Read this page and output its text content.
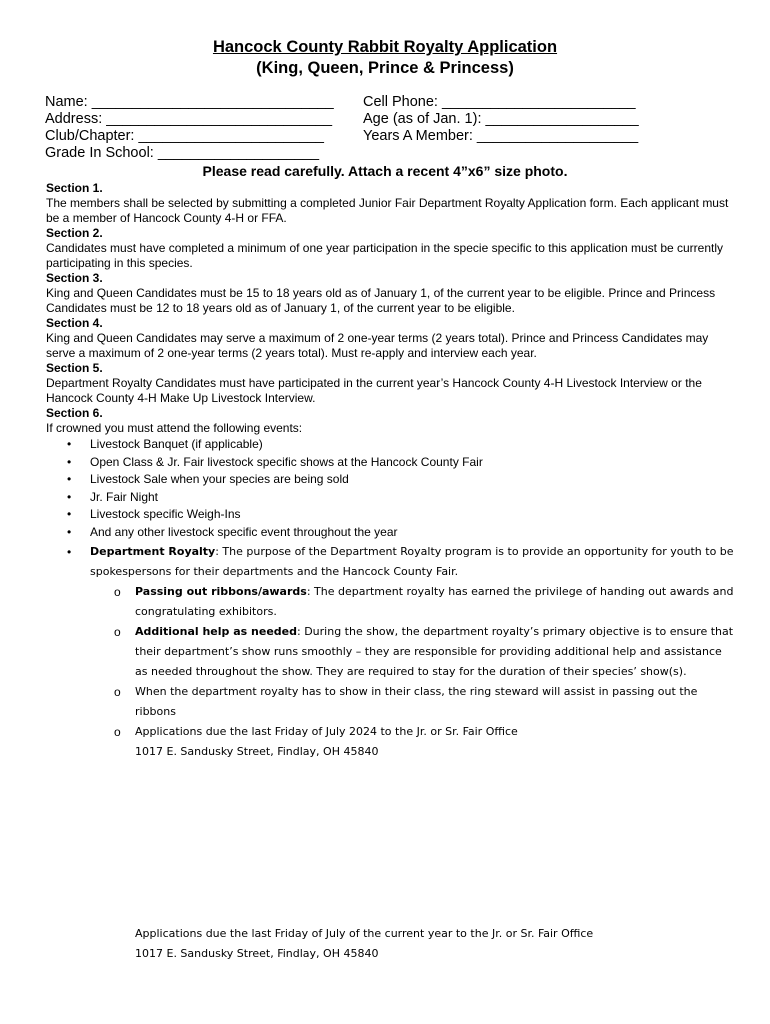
Hancock County Rabbit Royalty Application
(King, Queen, Prince & Princess)
Name: ______________________________
Address: ____________________________
Club/Chapter: _______________________
Grade In School: ____________________
Cell Phone: ________________________
Age (as of Jan. 1): ___________________
Years A Member: ____________________
Please read carefully. Attach a recent 4”x6” size photo.

Section 1.

The members shall be selected by submitting a completed Junior Fair Department Royalty Application form. Each applicant must be a member of Hancock County 4-H or FFA.

Section 2.

Candidates must have completed a minimum of one year participation in the specie specific to this application must be currently participating in this species.

Section 3.

King and Queen Candidates must be 15 to 18 years old as of January 1, of the current year to be eligible. Prince and Princess Candidates must be 12 to 18 years old as of January 1, of the current year to be eligible.

Section 4.

King and Queen Candidates may serve a maximum of 2 one-year terms (2 years total). Prince and Princess Candidates may serve a maximum of 2 one-year terms (2 years total). Must re-apply and interview each year.

Section 5.

Department Royalty Candidates must have participated in the current year’s Hancock County 4-H Livestock Interview or the Hancock County 4-H Make Up Livestock Interview.

Section 6.

If crowned you must attend the following events:

• Livestock Banquet (if applicable)
• Open Class & Jr. Fair livestock specific shows at the Hancock County Fair
• Livestock Sale when your species are being sold
• Jr. Fair Night
• Livestock specific Weigh-Ins
• And any other livestock specific event throughout the year
• Department Royalty: The purpose of the Department Royalty program is to provide an opportunity for youth to be spokespersons for their departments and the Hancock County Fair.
o Passing out ribbons/awards: The department royalty has earned the privilege of handing out awards and congratulating exhibitors.
o Additional help as needed: During the show, the department royalty’s primary objective is to ensure that their department’s show runs smoothly – they are responsible for providing additional help and assistance as needed throughout the show. They are required to stay for the duration of their species’ show(s).
o When the department royalty has to show in their class, the ring steward will assist in passing out the ribbons
o Applications due the last Friday of July 2024 to the Jr. or Sr. Fair Office
1017 E. Sandusky Street, Findlay, OH 45840
Applications due the last Friday of July of the current year to the Jr. or Sr. Fair Office
1017 E. Sandusky Street, Findlay, OH 45840
